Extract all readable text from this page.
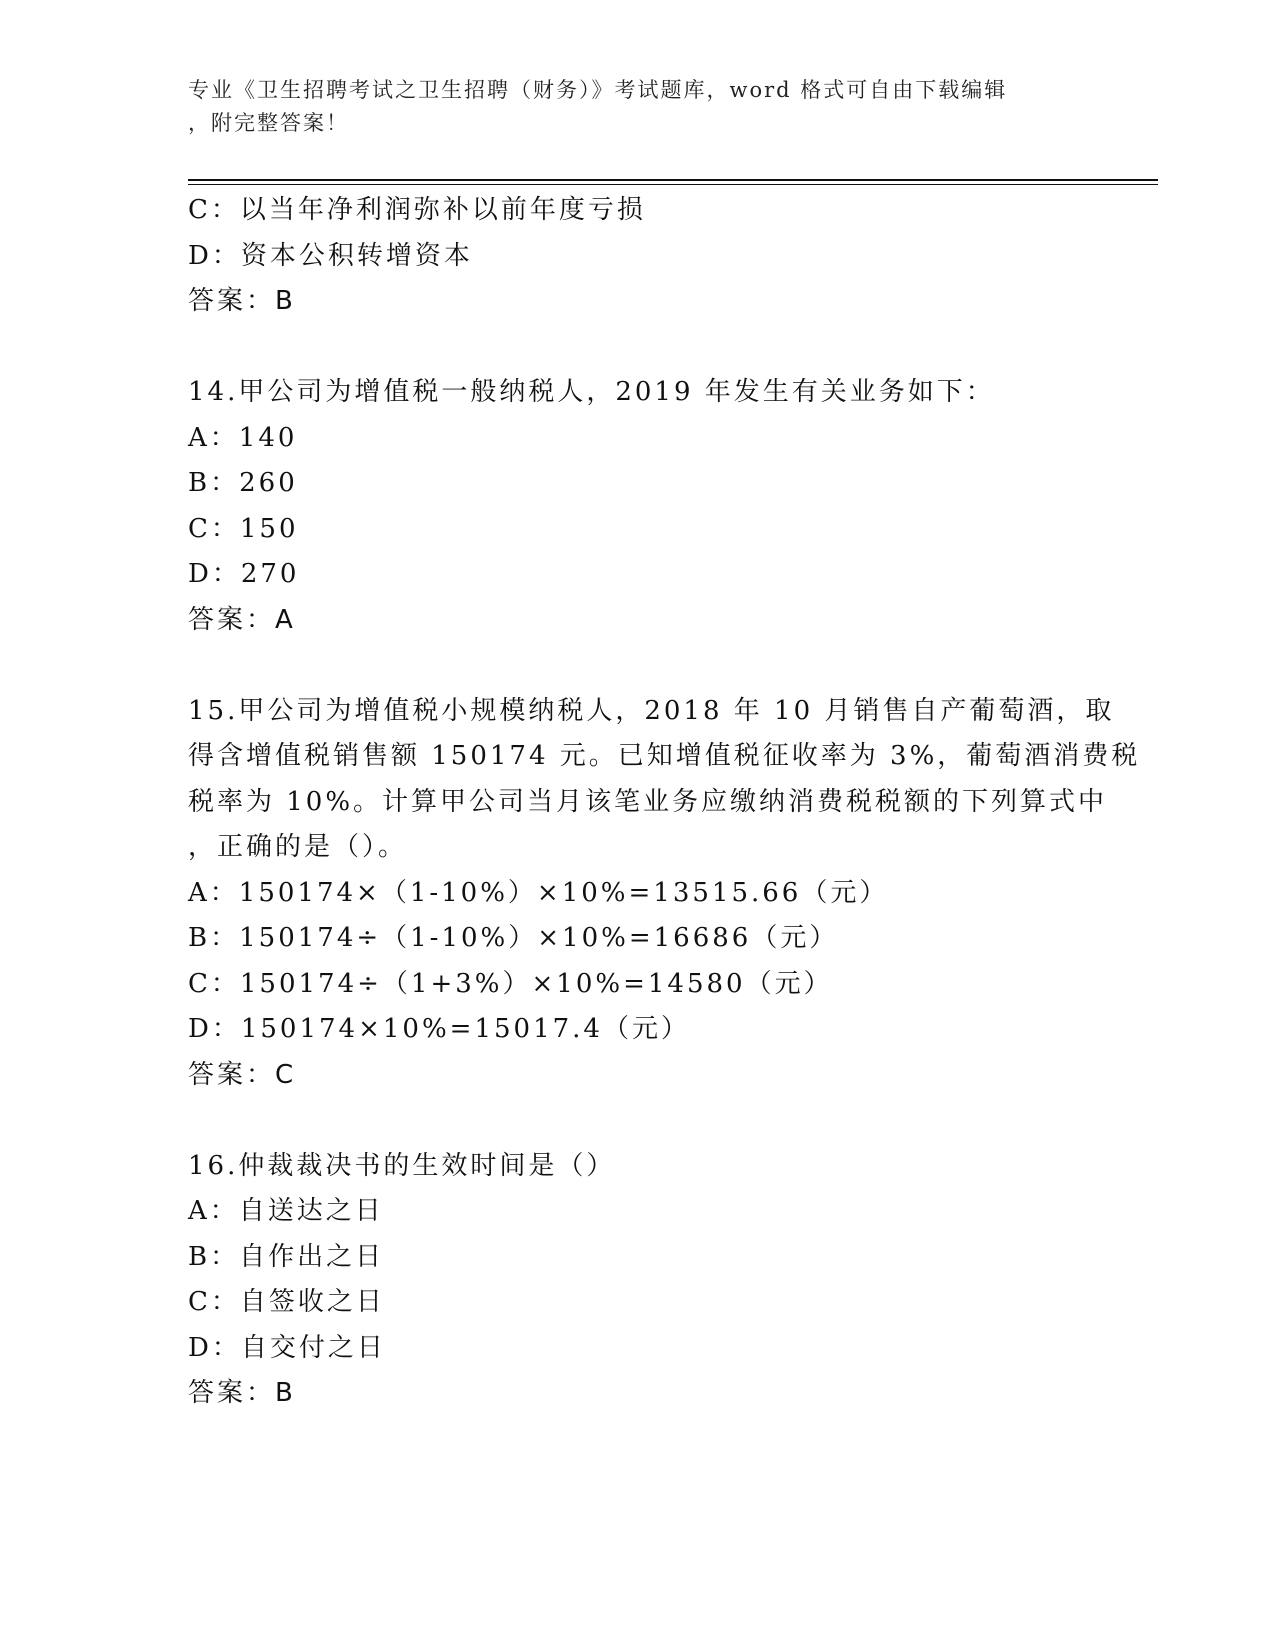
专业《卫生招聘考试之卫生招聘（财务）》考试题库，word 格式可自由下载编辑
，附完整答案！
C：以当年净利润弥补以前年度亏损
D：资本公积转增资本
答案：B
14.甲公司为增值税一般纳税人，2019 年发生有关业务如下：
A：140
B：260
C：150
D：270
答案：A
15.甲公司为增值税小规模纳税人，2018 年 10 月销售自产葡萄酒，取
得含增值税销售额 150174 元。已知增值税征收率为 3%，葡萄酒消费税
税率为 10%。计算甲公司当月该笔业务应缴纳消费税税额的下列算式中
，正确的是（）。
A：150174×（1-10%）×10%=13515.66（元）
B：150174÷（1-10%）×10%=16686（元）
C：150174÷（1+3%）×10%=14580（元）
D：150174×10%=15017.4（元）
答案：C
16.仲裁裁决书的生效时间是（）
A：自送达之日
B：自作出之日
C：自签收之日
D：自交付之日
答案：B
